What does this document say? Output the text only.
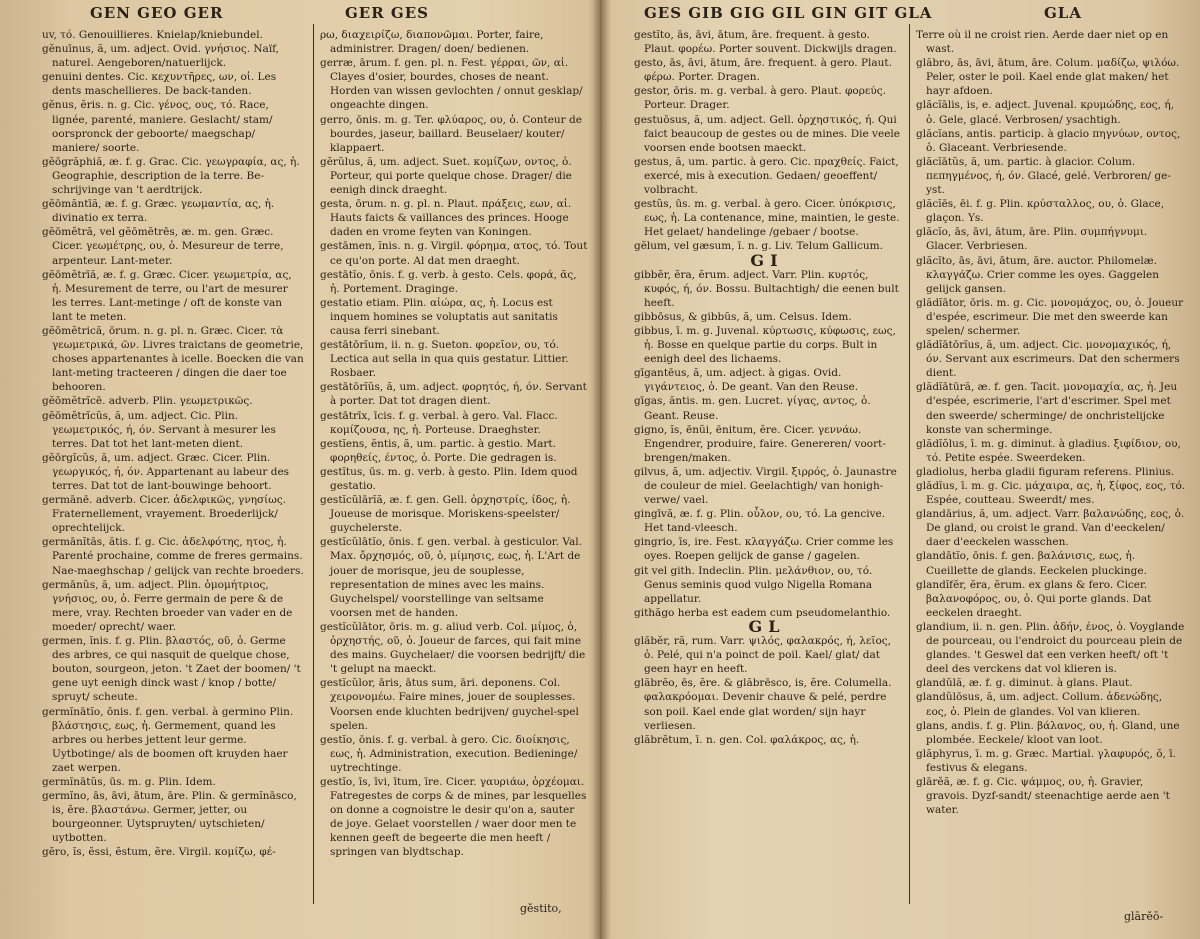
GEN GEO GER	GER GES

uv, τό. Genouillieres. Knielap/kniebundel.

gĕnuīnus, ă, um. adject. Ovid. γνήσιος. Naïf, naturel. Aengeboren/natuerlijck.

genuini dentes. Cic. κεχυντῆρες, ων, οἱ. Les dents maschellieres. De back-tanden.

gĕnus, ĕris. n. g. Cic. γένος, ους, τό. Race, lignée, parenté, maniere. Geslacht/ stam/ oorspronck der geboorte/ maegschap/ maniere/ soorte.

gĕōgrăphiă, æ. f. g. Grac. Cic. γεωγραφία, ας, ἡ. Geographie, description de la terre. Be-schrijvinge van 't aerdtrijck.

gĕōmăntīă, æ. f. g. Græc. γεωμαντία, ας, ἡ. divinatio ex terra.

gĕōmĕtră, vel gĕōmĕtrēs, æ. m. gen. Græc. Cicer. γεωμέτρης, ου, ὁ. Mesureur de terre, arpenteur. Lant-meter.

gĕōmĕtrīă, æ. f. g. Græc. Cicer. γεωμετρία, ας, ἡ. Mesurement de terre, ou l'art de mesurer les terres. Lant-metinge / oft de konste van lant te meten.

gĕōmĕtrică, ōrum. n. g. pl. n. Græc. Cicer. τὰ γεωμετρικά, ῶν. Livres traictans de geometrie, choses appartenantes à icelle. Boecken die van lant-meting tracteeren / dingen die daer toe behooren.

gĕōmĕtrĭcē. adverb. Plin. γεωμετρικῶς.

gĕōmĕtrĭcŭs, ă, um. adject. Cic. Plin. γεωμετρικός, ή, όν. Servant à mesurer les terres. Dat tot het lant-meten dient.

gĕōrgĭcŭs, ă, um. adject. Græc. Cicer. Plin. γεωργικός, ή, όν. Appartenant au labeur des terres. Dat tot de lant-bouwinge behoort.

germānē. adverb. Cicer. ἀδελφικῶς, γνησίως. Fraternellement, vrayement. Broederlijck/ oprechtelijck.

germānĭtās, ătis. f. g. Cic. ἀδελφότης, ητος, ἡ. Parenté prochaine, comme de freres germains. Nae-maeghschap / gelijck van rechte broeders.

germānŭs, ă, um. adject. Plin. ὁμομήτριος, γνήσιος, ου, ὁ. Ferre germain de pere & de mere, vray. Rechten broeder van vader en de moeder/ oprecht/ waer.

germen, ĭnis. f. g. Plin. βλαστός, οῦ, ὁ. Germe des arbres, ce qui nasquit de quelque chose, bouton, sourgeon, jeton. 't Zaet der boomen/ 't gene uyt eenigh dinck wast / knop / botte/ spruyt/ scheute.

germĭnātĭo, ōnis. f. gen. verbal. à germino Plin. βλάστησις, εως, ἡ. Germement, quand les arbres ou herbes jettent leur germe. Uytbotinge/ als de boomen oft kruyden haer zaet werpen.

germĭnātŭs, ūs. m. g. Plin. Idem.

germĭno, ās, āvi, ātum, āre. Plin. & germĭnāsco, is, ĕre. βλαστάνω. Germer, jetter, ou bourgeonner. Uytspruyten/ uytschieten/ uytbotten.

gĕro, ĭs, ĕssi, ĕstum, ĕre. Virgil. κομίζω, φέ-

ρω, διαχειρίζω, διαπονῶμαι. Porter, faire, administrer. Dragen/ doen/ bedienen.

gerræ, ārum. f. gen. pl. n. Fest. γέρραι, ῶν, αἱ. Clayes d'osier, bourdes, choses de neant. Horden van wissen gevlochten / onnut gesklap/ ongeachte dingen.

gerro, ōnis. m. g. Ter. φλύαρος, ου, ὁ. Conteur de bourdes, jaseur, baillard. Beuselaer/ kouter/ klappaert.

gĕrŭlus, ă, um. adject. Suet. κομίζων, οντος, ὁ. Porteur, qui porte quelque chose. Drager/ die eenigh dinck draeght.

gesta, ōrum. n. g. pl. n. Plaut. πράξεις, εων, αἱ. Hauts faicts & vaillances des princes. Hooge daden en vrome feyten van Koningen.

gestāmen, ĭnis. n. g. Virgil. φόρημα, ατος, τό. Tout ce qu'on porte. Al dat men draeght.

gestātĭo, ōnis. f. g. verb. à gesto. Cels. φορά, ᾶς, ἡ. Portement. Draginge.

gestatio etiam. Plin. αἰώρα, ας, ἡ. Locus est inquem homines se voluptatis aut sanitatis causa ferri sinebant.

gestātōrĭum, ii. n. g. Sueton. φορεῖον, ου, τό. Lectica aut sella in qua quis gestatur. Littier. Rosbaer.

gestātōrĭŭs, ă, um. adject. φορητός, ή, όν. Servant à porter. Dat tot dragen dient.

gestātrīx, īcis. f. g. verbal. à gero. Val. Flacc. κομίζουσα, ης, ἡ. Porteuse. Draeghster.

gestĭens, ĕntis, ă, um. partic. à gestio. Mart. φορηθείς, έντος, ὁ. Porte. Die gedragen is.

gestĭtus, ūs. m. g. verb. à gesto. Plin. Idem quod gestatio.

gestĭcŭlārĭă, æ. f. gen. Gell. ὀρχηστρίς, ίδος, ἡ. Joueuse de morisque. Moriskens-speelster/ guychelerste.

gestĭcŭlātĭo, ōnis. f. gen. verbal. à gesticulor. Val. Max. ὄρχησμός, οῦ, ὁ, μίμησις, εως, ἡ. L'Art de jouer de morisque, jeu de souplesse, representation de mines avec les mains. Guychelspel/ voorstellinge van seltsame voorsen met de handen.

gestĭcŭlātor, ōris. m. g. aliud verb. Col. μίμος, ὁ, ὀρχηστής, οῦ, ὁ. Joueur de farces, qui fait mine des mains. Guychelaer/ die voorsen bedrijft/ die 't gelupt na maeckt.

gestĭcŭlor, āris, ātus sum, āri. deponens. Col. χειρονομέω. Faire mines, jouer de souplesses. Voorsen ende kluchten bedrijven/ guychel-spel spelen.

gestĭo, ōnis. f. g. verbal. à gero. Cic. διοίκησις, εως, ἡ. Administration, execution. Bedieninge/ uytrechtinge.

gestĭo, īs, īvi, ītum, īre. Cicer. γαυριάω, ὀρχέομαι. Fatregestes de corps & de mines, par lesquelles on donne a cognoistre le desir qu'on a, sauter de joye. Gelaet voorstellen / waer door men te kennen geeft de begeerte die men heeft / springen van blydtschap.

gĕstito,
GES GIB GIG GIL GIN GIT GLA	GLA

gestĭto, ās, āvi, ātum, āre. frequent. à gesto. Plaut. φορέω. Porter souvent. Dickwijls dragen.

gesto, ās, āvi, ātum, āre. frequent. à gero. Plaut. φέρω. Porter. Dragen.

gestor, ōris. m. g. verbal. à gero. Plaut. φορεύς. Porteur. Drager.

gestuōsus, ă, um. adject. Gell. ὀρχηστικός, ή. Qui faict beaucoup de gestes ou de mines. Die veele voorsen ende bootsen maeckt.

gestus, ă, um. partic. à gero. Cic. πραχθείς. Faict, exercé, mis à execution. Gedaen/ geoeffent/ volbracht.

gestŭs, ūs. m. g. verbal. à gero. Cicer. ὑπόκρισις, εως, ἡ. La contenance, mine, maintien, le geste. Het gelaet/ handelinge /gebaer / bootse.

gĕlum, vel gæsum, ī. n. g. Liv. Telum Gallicum.

GI

gibbĕr, ĕra, ĕrum. adject. Varr. Plin. κυρτός, κυφός, ή, όν. Bossu. Bultachtigh/ die eenen bult heeft.

gibbōsus, & gibbŭs, ă, um. Celsus. Idem.

gibbus, ī. m. g. Juvenal. κύρτωσις, κύφωσις, εως, ἡ. Bosse en quelque partie du corps. Bult in eenigh deel des lichaems.

gīgantēus, ă, um. adject. à gigas. Ovid. γιγάντειος, ὁ. De geant. Van den Reuse.

gīgas, ăntis. m. gen. Lucret. γίγας, αντος, ὁ. Geant. Reuse.

gigno, ĭs, ēnŭi, ēnitum, ĕre. Cicer. γεννάω. Engendrer, produire, faire. Genereren/ voort-brengen/maken.

gilvus, ă, um. adjectiv. Virgil. ξιρρός, ὁ. Jaunastre de couleur de miel. Geelachtigh/ van honigh-verwe/ vael.

gingīvă, æ. f. g. Plin. οὖλον, ου, τό. La gencive. Het tand-vleesch.

gingrio, īs, ire. Fest. κλαγγάζω. Crier comme les oyes. Roepen gelijck de ganse / gagelen.

git vel gith. Indeclin. Plin. μελάνθιον, ου, τό. Genus seminis quod vulgo Nigella Romana appellatur.

githăgo herba est eadem cum pseudomelanthio.

GL

glăbĕr, ră, rum. Varr. ψιλός, φαλακρός, ή, λεῖος, ὁ. Pelé, qui n'a poinct de poil. Kael/ glat/ dat geen hayr en heeft.

glăbrĕo, ēs, ĕre. & glăbrēsco, is, ĕre. Columella. φαλακρόομαι. Devenir chauve & pelé, perdre son poil. Kael ende glat worden/ sijn hayr verliesen.

glăbrĕtum, ī. n. gen. Col. φαλάκρος, ας, ἡ.

Terre où il ne croist rien. Aerde daer niet op en wast.

glăbro, ās, āvi, ātum, āre. Colum. μαδίζω, ψιλόω. Peler, oster le poil. Kael ende glat maken/ het hayr afdoen.

glăcĭālis, is, e. adject. Juvenal. κρυμώδης, εος, ή, ὁ. Gele, glacé. Verbrosen/ ysachtigh.

glăcĭans, antis. particip. à glacio πηγνύων, οντος, ὁ. Glaceant. Verbriesende.

glăcĭātŭs, ă, um. partic. à glacior. Colum. πεπηγμένος, ή, όν. Glacé, gelé. Verbroren/ ge-yst.

glăcĭēs, ēi. f. g. Plin. κρύσταλλος, ου, ὁ. Glace, glaçon. Ys.

glăcĭo, ās, āvi, ātum, āre. Plin. συμπήγνυμι. Glacer. Verbriesen.

glăcĭto, ās, āvi, ātum, āre. auctor. Philomelæ. κλαγγάζω. Crier comme les oyes. Gaggelen gelijck gansen.

glădĭātor, ōris. m. g. Cic. μονομάχος, ου, ὁ. Joueur d'espée, escrimeur. Die met den sweerde kan spelen/ schermer.

glădĭātōrĭus, ă, um. adject. Cic. μονομαχικός, ή, όν. Servant aux escrimeurs. Dat den schermers dient.

glădĭātūră, æ. f. gen. Tacit. μονομαχία, ας, ἡ. Jeu d'espée, escrimerie, l'art d'escrimer. Spel met den sweerde/ scherminge/ de onchristelijcke konste van scherminge.

glădĭŏlus, ī. m. g. diminut. à gladius. ξιφίδιον, ου, τό. Petite espée. Sweerdeken.

gladiolus, herba gladii figuram referens. Plinius.

glădĭus, ī. m. g. Cic. μάχαιρα, ας, ἡ, ξίφος, εος, τό. Espée, coutteau. Sweerdt/ mes.

glandārius, ă, um. adject. Varr. βαλανώδης, εος, ὁ. De gland, ou croist le grand. Van d'eeckelen/ daer d'eeckelen wasschen.

glandātĭo, ōnis. f. gen. βαλάνισις, εως, ἡ. Cueillette de glands. Eeckelen pluckinge.

glandĭfĕr, ĕra, ĕrum. ex glans & fero. Cicer. βαλανοφόρος, ου, ὁ. Qui porte glands. Dat eeckelen draeght.

glandium, ii. n. gen. Plin. ἀδήν, ένος, ὁ. Voyglande de pourceau, ou l'endroict du pourceau plein de glandes. 't Geswel dat een verken heeft/ oft 't deel des verckens dat vol klieren is.

glandŭlă, æ. f. g. diminut. à glans. Plaut.

glandŭlōsus, ă, um. adject. Collum. ἀδενώδης, εος, ὁ. Plein de glandes. Vol van klieren.

glans, andis. f. g. Plin. βάλανος, ου, ἡ. Gland, une plombée. Eeckele/ kloot van loot.

glăphyrus, ī. m. g. Græc. Martial. γλαφυρός, ŏ, ī. festivus & elegans.

glārĕă, æ. f. g. Cic. ψάμμος, ου, ἡ. Gravier, gravois. Dyzf-sandt/ steenachtige aerde aen 't water.

glārĕō-
